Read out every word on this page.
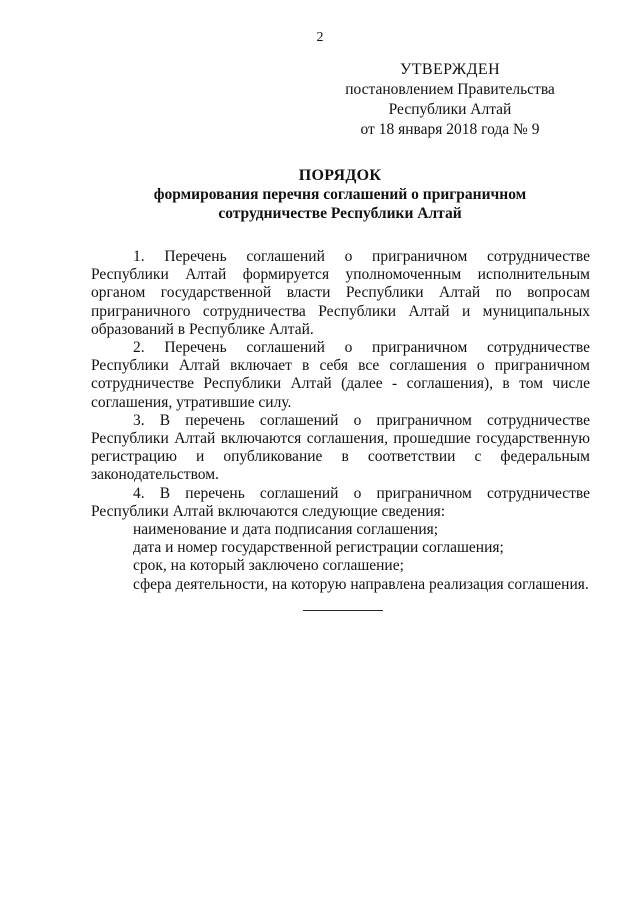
2
УТВЕРЖДЕН
постановлением Правительства
Республики Алтай
от 18 января 2018 года № 9
ПОРЯДОК
формирования перечня соглашений о приграничном
сотрудничестве Республики Алтай

1. Перечень соглашений о приграничном сотрудничестве Республики Алтай формируется уполномоченным исполнительным органом государственной власти Республики Алтай по вопросам приграничного сотрудничества Республики Алтай и муниципальных образований в Республике Алтай.

2. Перечень соглашений о приграничном сотрудничестве Республики Алтай включает в себя все соглашения о приграничном сотрудничестве Республики Алтай (далее - соглашения), в том числе соглашения, утратившие силу.

3. В перечень соглашений о приграничном сотрудничестве Республики Алтай включаются соглашения, прошедшие государственную регистрацию и опубликование в соответствии с федеральным законодательством.

4. В перечень соглашений о приграничном сотрудничестве Республики Алтай включаются следующие сведения:

наименование и дата подписания соглашения;

дата и номер государственной регистрации соглашения;

срок, на который заключено соглашение;

сфера деятельности, на которую направлена реализация соглашения.
